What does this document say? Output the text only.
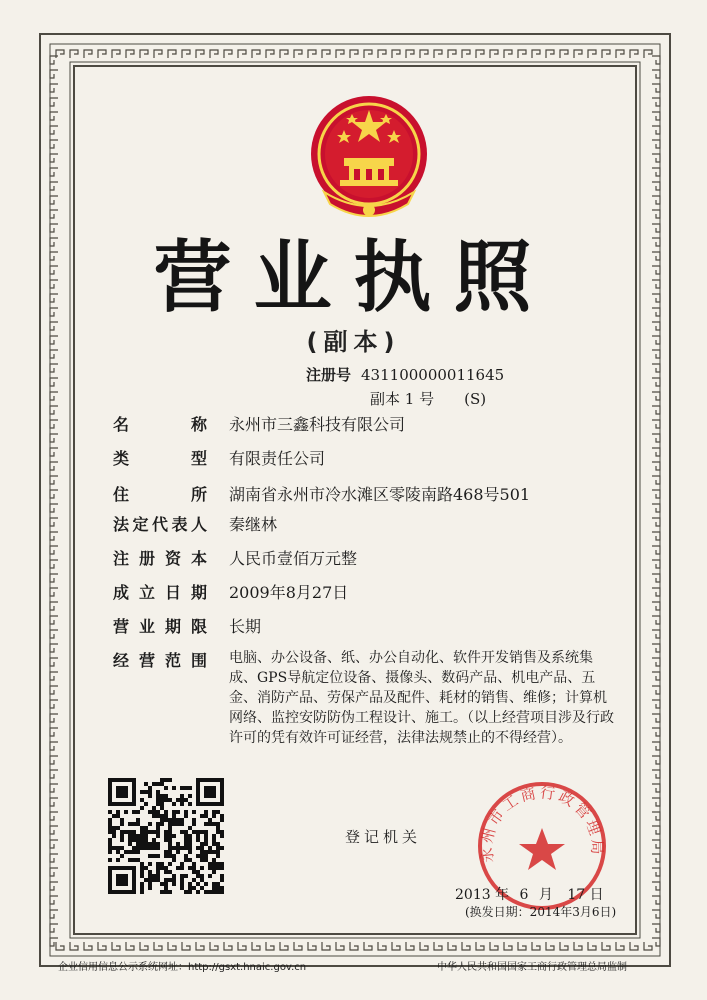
营业执照
(副本)
注册号 431100000011645
副本 1 号 (S)
名称 永州市三鑫科技有限公司
类型 有限责任公司
住所 湖南省永州市冷水滩区零陵南路468号501
法定代表人 秦继林
注册资本 人民币壹佰万元整
成立日期 2009年8月27日
营业期限 长期
经营范围 电脑、办公设备、纸、办公自动化、软件开发销售及系统集成、GPS导航定位设备、摄像头、数码产品、机电产品、五金、消防产品、劳保产品及配件、耗材的销售、维修；计算机网络、监控安防防伪工程设计、施工。（以上经营项目涉及行政许可的凭有效许可证经营，法律法规禁止的不得经营）。
登记机关
永州市工商行政管理局
2013 年 6 月 17 日
(换发日期：2014年3月6日)
企业信用信息公示系统网址：http://gsxt.hnaic.gov.cn	中华人民共和国国家工商行政管理总局监制
